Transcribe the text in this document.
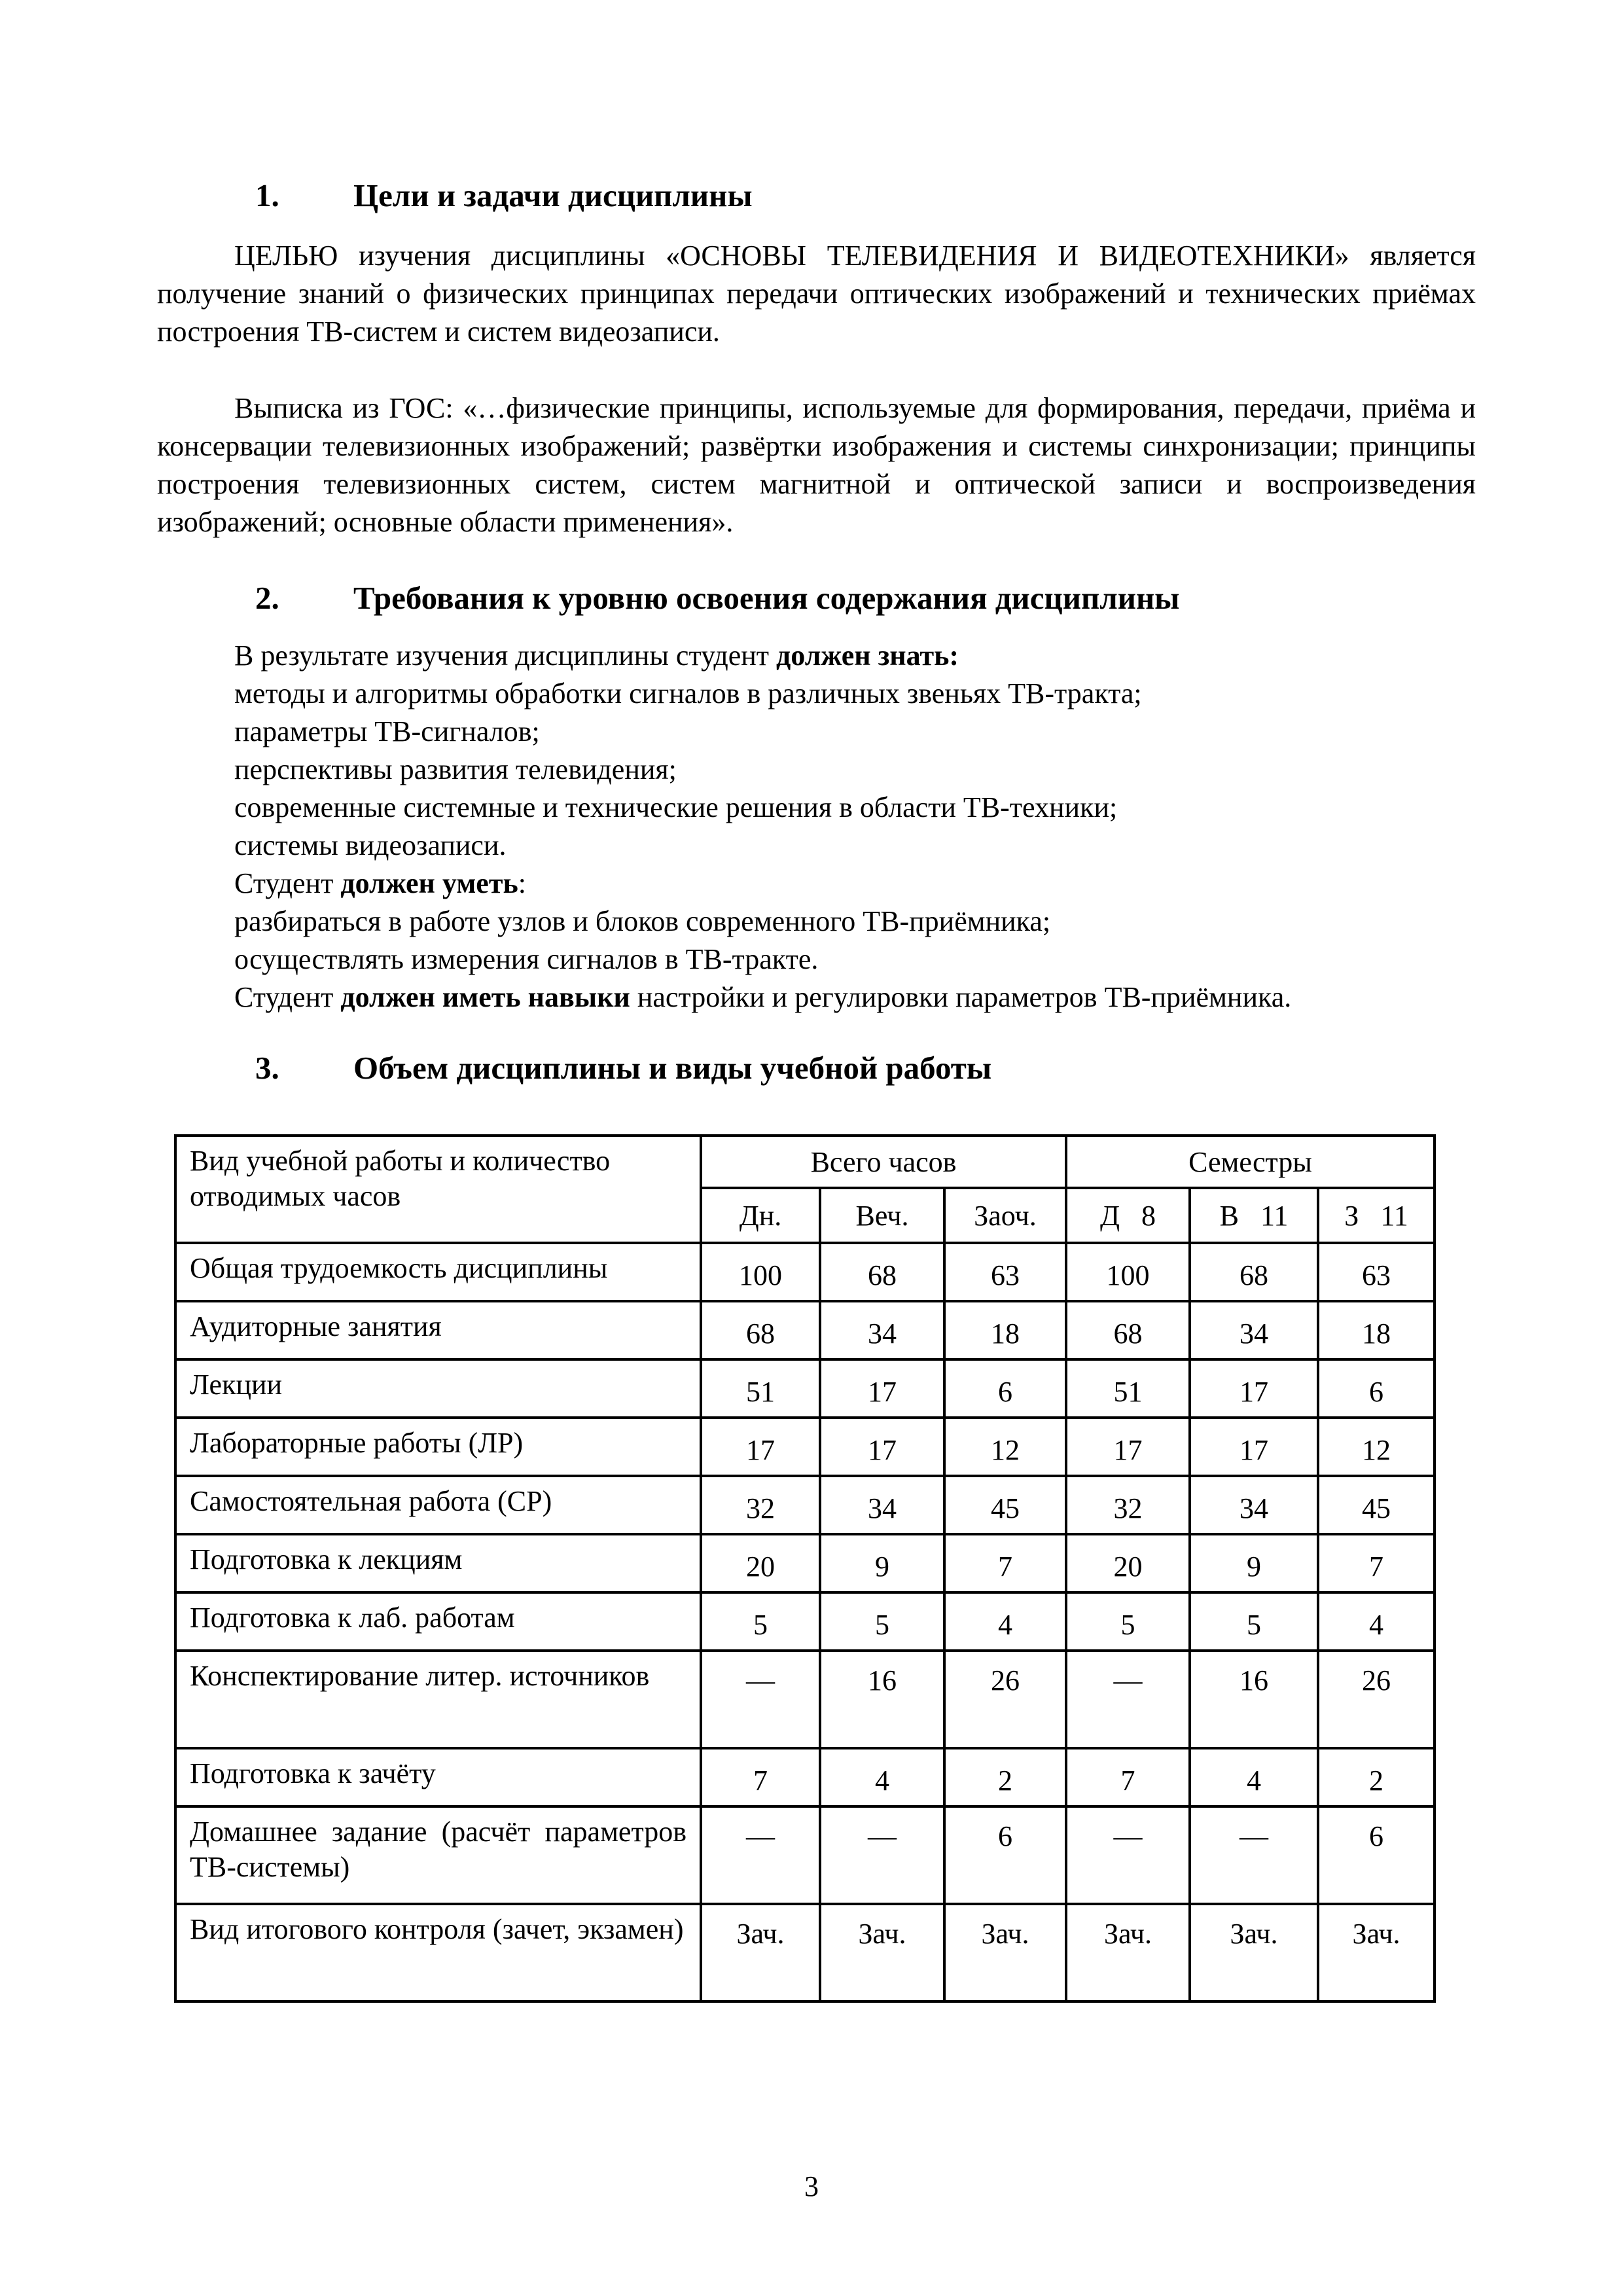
1. Цели и задачи дисциплины

ЦЕЛЬЮ изучения дисциплины «ОСНОВЫ ТЕЛЕВИДЕНИЯ И ВИДЕОТЕХНИКИ» является получение знаний о физических принципах передачи оптических изображений и технических приёмах построения ТВ-систем и систем видеозаписи.

Выписка из ГОС: «…физические принципы, используемые для формирования, передачи, приёма и консервации телевизионных изображений; развёртки изображения и системы синхронизации; принципы построения телевизионных систем, систем магнитной и оптической записи и воспроизведения изображений; основные области применения».

2. Требования к уровню освоения содержания дисциплины
В результате изучения дисциплины студент должен знать:
методы и алгоритмы обработки сигналов в различных звеньях ТВ-тракта;
параметры ТВ-сигналов;
перспективы развития телевидения;
современные системные и технические решения в области ТВ-техники;
системы видеозаписи.
Студент должен уметь:
разбираться в работе узлов и блоков современного ТВ-приёмника;
осуществлять измерения сигналов в ТВ-тракте.
Студент должен иметь навыки настройки и регулировки параметров ТВ-приёмника.
3. Объем дисциплины и виды учебной работы
Вид учебной работы и количество отводимых часов	Всего часов			Семестры		
	Дн.	Веч.	Заоч.	Д   8	В   11	З   11
Общая трудоемкость дисциплины	100	68	63	100	68	63
Аудиторные занятия	68	34	18	68	34	18
Лекции	51	17	6	51	17	6
Лабораторные работы (ЛР)	17	17	12	17	17	12
Самостоятельная работа (СР)	32	34	45	32	34	45
Подготовка к лекциям	20	9	7	20	9	7
Подготовка к лаб. работам	5	5	4	5	5	4
Конспектирование литер. источников	—	16	26	—	16	26
Подготовка к зачёту	7	4	2	7	4	2
Домашнее задание (расчёт параметров ТВ-системы)	—	—	6	—	—	6
Вид итогового контроля (зачет, экзамен)	Зач.	Зач.	Зач.	Зач.	Зач.	Зач.
3
